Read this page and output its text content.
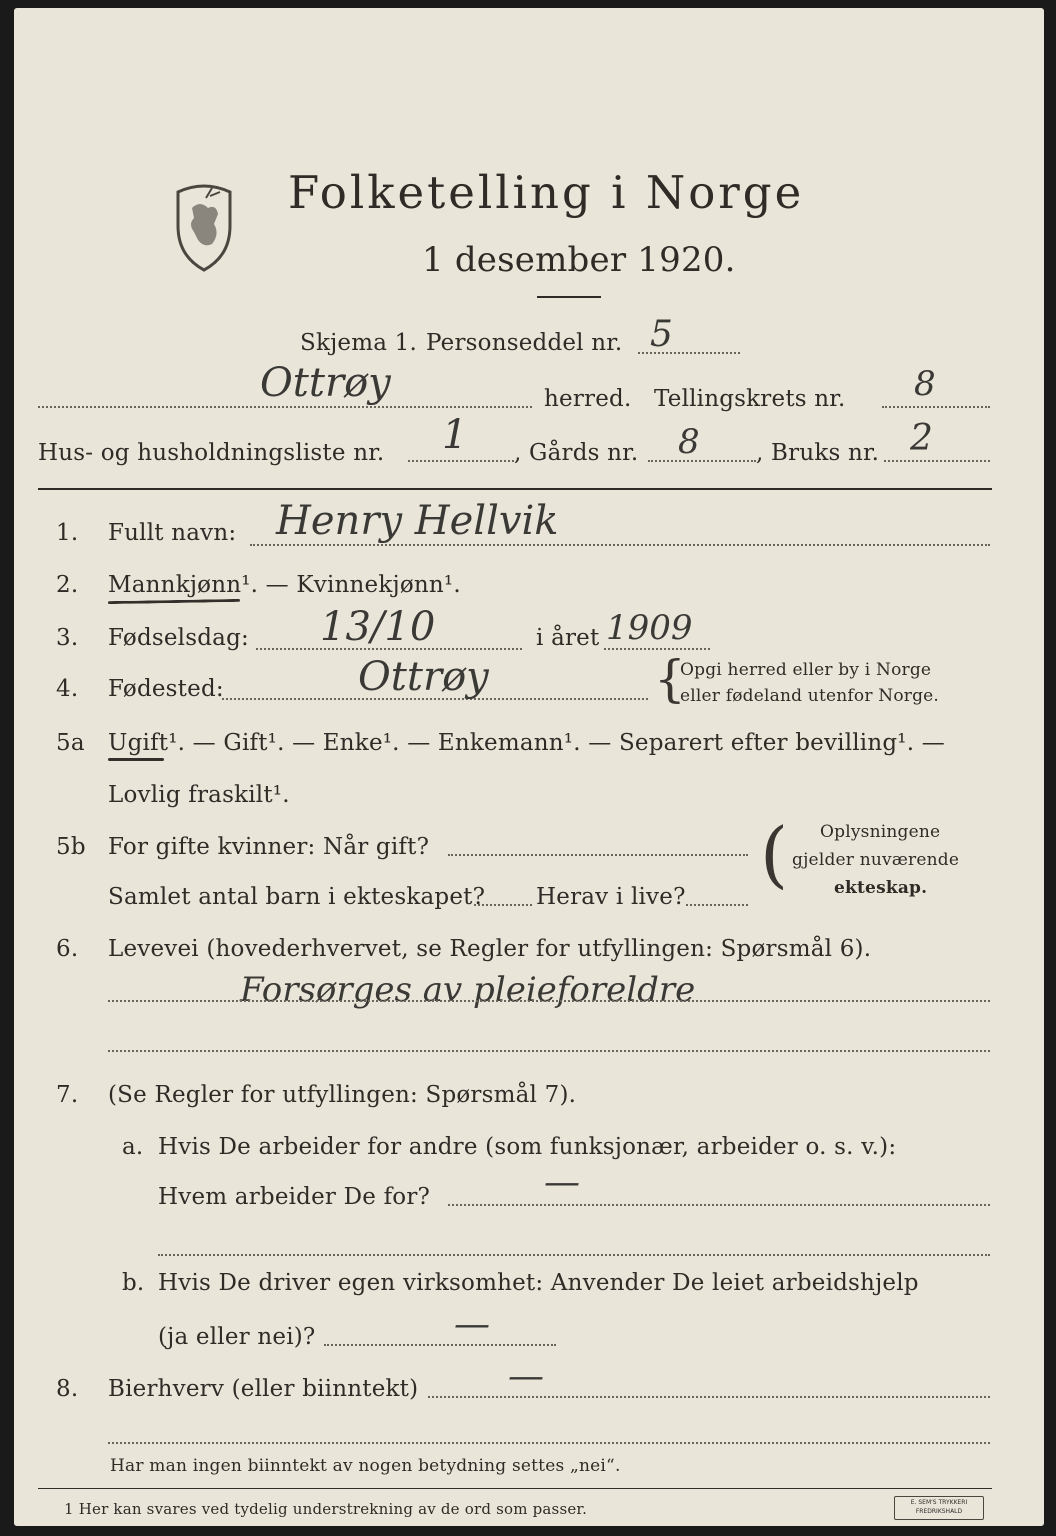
Folketelling i Norge
1 desember 1920.
Skjema 1. Personseddel nr. 5
Ottrøy	herred. Tellingskrets nr. 8
Hus- og husholdningsliste nr. 1 , Gårds nr. 8 , Bruks nr. 2
1. Fullt navn: Henry Hellvik
2. Mannkjønn¹. — Kvinnekjønn¹.
3. Fødselsdag: 13/10	i året 1909
4. Fødested:	Ottrøy	{
Opgi herred eller by i Norge
eller fødeland utenfor Norge.
5a Ugift¹. — Gift¹. — Enke¹. — Enkemann¹. — Separert efter bevilling¹. —
Lovlig fraskilt¹.
5b For gifte kvinner: Når gift?
Samlet antal barn i ekteskapet? Herav i live?
( Oplysningene
gjelder nuværende
ekteskap.
6. Levevei (hovederhvervet, se Regler for utfyllingen: Spørsmål 6).
Forsørges av pleieforeldre
7. (Se Regler for utfyllingen: Spørsmål 7).
a. Hvis De arbeider for andre (som funksjonær, arbeider o. s. v.):
Hvem arbeider De for?	—
b. Hvis De driver egen virksomhet: Anvender De leiet arbeidshjelp
(ja eller nei)?	—
8. Bierhverv (eller biinntekt) —
Har man ingen biinntekt av nogen betydning settes „nei“.
1 Her kan svares ved tydelig understrekning av de ord som passer.	E. SEM'S TRYKKERI FREDRIKSHALD
